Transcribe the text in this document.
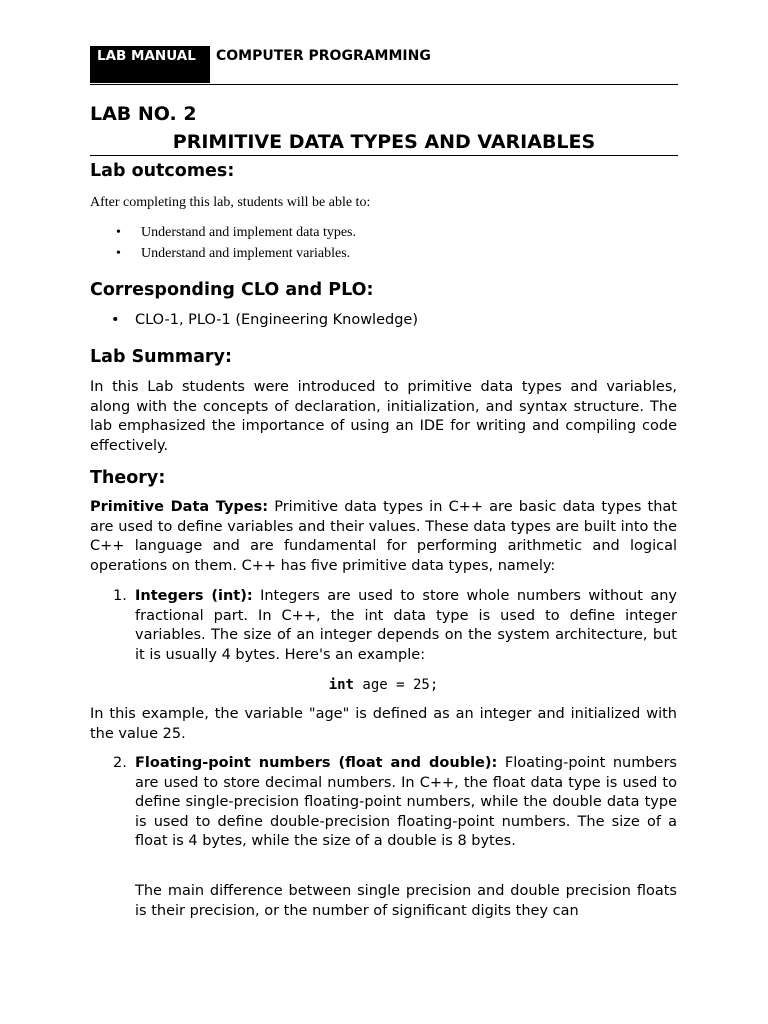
LAB MANUAL	COMPUTER PROGRAMMING
LAB NO. 2
PRIMITIVE DATA TYPES AND VARIABLES
Lab outcomes:
After completing this lab, students will be able to:
• Understand and implement data types.
• Understand and implement variables.
Corresponding CLO and PLO:
• CLO-1, PLO-1 (Engineering Knowledge)
Lab Summary:
In this Lab students were introduced to primitive data types and variables, along with the concepts of declaration, initialization, and syntax structure. The lab emphasized the importance of using an IDE for writing and compiling code effectively.
Theory:
Primitive Data Types: Primitive data types in C++ are basic data types that are used to define variables and their values. These data types are built into the C++ language and are fundamental for performing arithmetic and logical operations on them. C++ has five primitive data types, namely:
1. Integers (int): Integers are used to store whole numbers without any fractional part. In C++, the int data type is used to define integer variables. The size of an integer depends on the system architecture, but it is usually 4 bytes. Here's an example:
int age = 25;
In this example, the variable "age" is defined as an integer and initialized with the value 25.
2. Floating-point numbers (float and double): Floating-point numbers are used to store decimal numbers. In C++, the float data type is used to define single-precision floating-point numbers, while the double data type is used to define double-precision floating-point numbers. The size of a float is 4 bytes, while the size of a double is 8 bytes.
The main difference between single precision and double precision floats is their precision, or the number of significant digits they can
